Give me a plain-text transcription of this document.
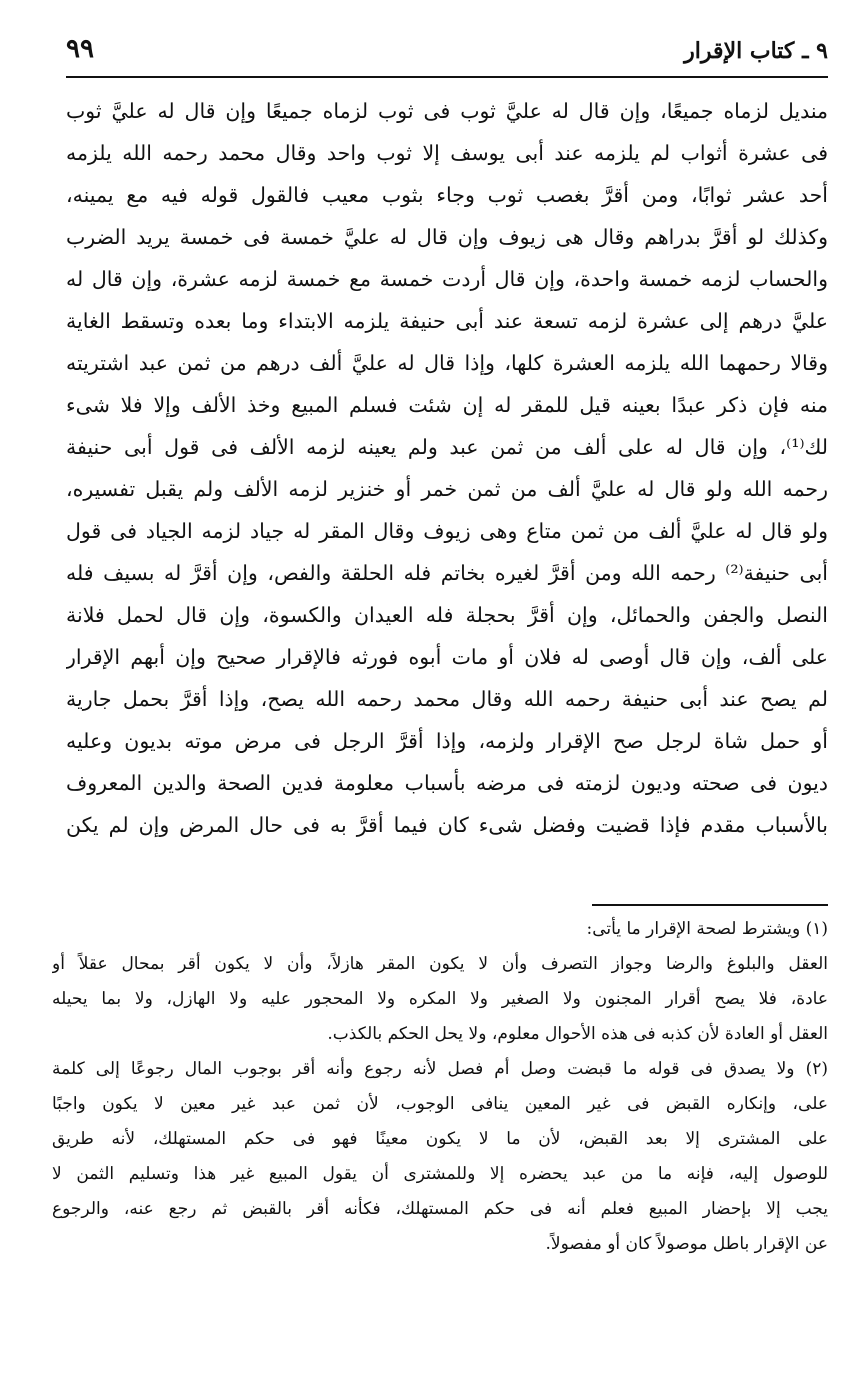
٩ ـ كتاب الإقرار
٩٩
منديل لزماه جميعًا، وإن قال له عليَّ ثوب فى ثوب لزماه جميعًا وإن قال له عليَّ ثوب
فى عشرة أثواب لم يلزمه عند أبى يوسف إلا ثوب واحد وقال محمد رحمه الله يلزمه
أحد عشر ثوابًا، ومن أقرَّ بغصب ثوب وجاء بثوب معيب فالقول قوله فيه مع يمينه،
وكذلك لو أقرَّ بدراهم وقال هى زيوف وإن قال له عليَّ خمسة فى خمسة يريد الضرب
والحساب لزمه خمسة واحدة، وإن قال أردت خمسة مع خمسة لزمه عشرة، وإن قال له
عليَّ درهم إلى عشرة لزمه تسعة عند أبى حنيفة يلزمه الابتداء وما بعده وتسقط الغاية
وقالا رحمهما الله يلزمه العشرة كلها، وإذا قال له عليَّ ألف درهم من ثمن عبد اشتريته
منه فإن ذكر عبدًا بعينه قيل للمقر له إن شئت فسلم المبيع وخذ الألف وإلا فلا شىء
لك⁽¹⁾، وإن قال له على ألف من ثمن عبد ولم يعينه لزمه الألف فى قول أبى حنيفة
رحمه الله ولو قال له عليَّ ألف من ثمن خمر أو خنزير لزمه الألف ولم يقبل تفسيره،
ولو قال له عليَّ ألف من ثمن متاع وهى زيوف وقال المقر له جياد لزمه الجياد فى قول
أبى حنيفة⁽²⁾ رحمه الله ومن أقرَّ لغيره بخاتم فله الحلقة والفص، وإن أقرَّ له بسيف فله
النصل والجفن والحمائل، وإن أقرَّ بحجلة فله العيدان والكسوة، وإن قال لحمل فلانة
على ألف، وإن قال أوصى له فلان أو مات أبوه فورثه فالإقرار صحيح وإن أبهم الإقرار
لم يصح عند أبى حنيفة رحمه الله وقال محمد رحمه الله يصح، وإذا أقرَّ بحمل جارية
أو حمل شاة لرجل صح الإقرار ولزمه، وإذا أقرَّ الرجل فى مرض موته بديون وعليه
ديون فى صحته وديون لزمته فى مرضه بأسباب معلومة فدين الصحة والدين المعروف
بالأسباب مقدم فإذا قضيت وفضل شىء كان فيما أقرَّ به فى حال المرض وإن لم يكن
(١) ويشترط لصحة الإقرار ما يأتى:
العقل والبلوغ والرضا وجواز التصرف وأن لا يكون المقر هازلاً، وأن لا يكون أقر بمحال عقلاً أو
عادة، فلا يصح أقرار المجنون ولا الصغير ولا المكره ولا المحجور عليه ولا الهازل، ولا بما يحيله
العقل أو العادة لأن كذبه فى هذه الأحوال معلوم، ولا يحل الحكم بالكذب.
(٢) ولا يصدق فى قوله ما قبضت وصل أم فصل لأنه رجوع وأنه أقر بوجوب المال رجوعًا إلى كلمة
على، وإنكاره القبض فى غير المعين ينافى الوجوب، لأن ثمن عبد غير معين لا يكون واجبًا
على المشترى إلا بعد القبض، لأن ما لا يكون معينًا فهو فى حكم المستهلك، لأنه طريق
للوصول إليه، فإنه ما من عبد يحضره إلا وللمشترى أن يقول المبيع غير هذا وتسليم الثمن لا
يجب إلا بإحضار المبيع فعلم أنه فى حكم المستهلك، فكأنه أقر بالقبض ثم رجع عنه، والرجوع
عن الإقرار باطل موصولاً كان أو مفصولاً.
